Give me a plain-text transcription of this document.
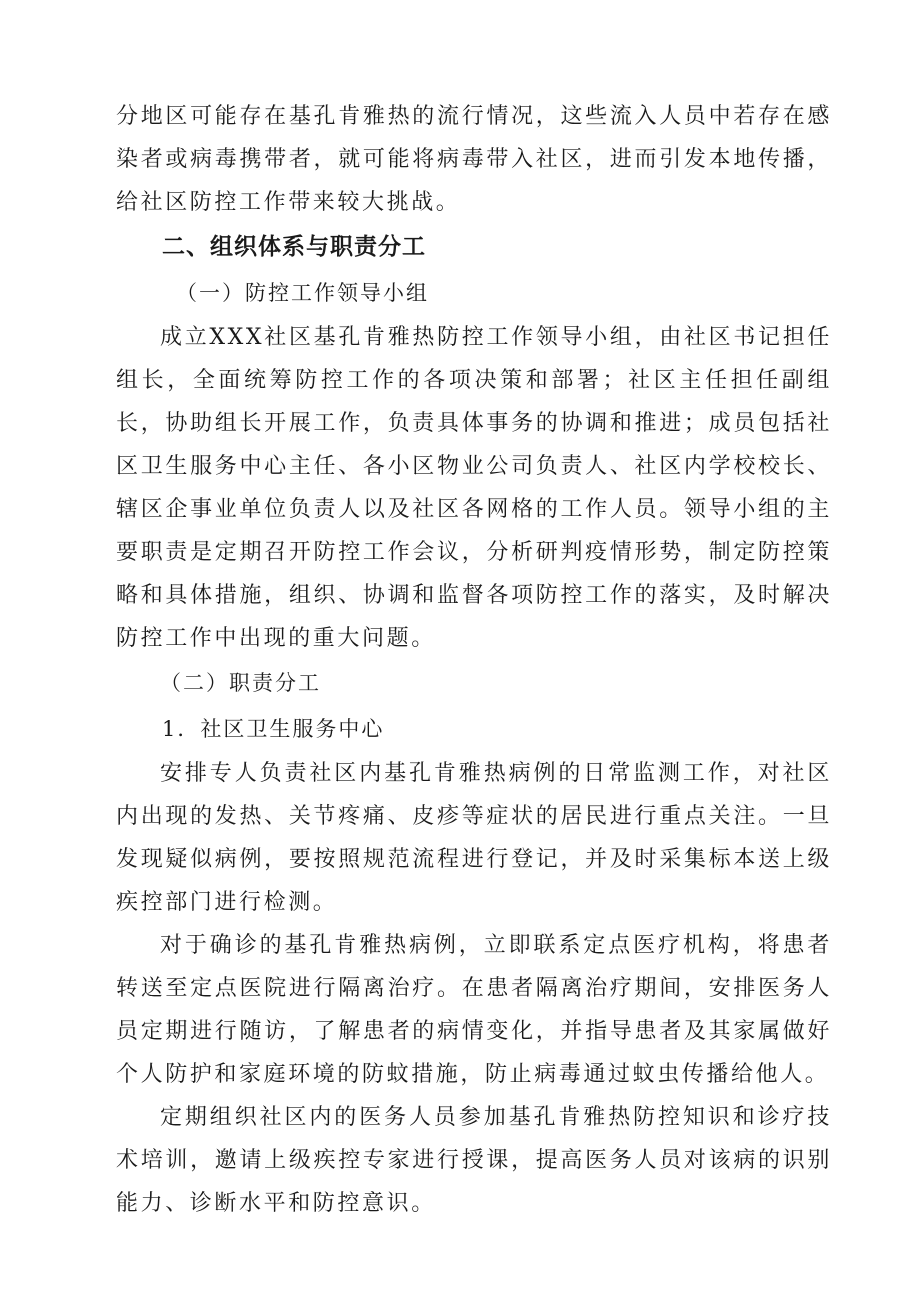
分地区可能存在基孔肯雅热的流行情况，这些流入人员中若存在感染者或病毒携带者，就可能将病毒带入社区，进而引发本地传播，给社区防控工作带来较大挑战。

二、组织体系与职责分工

（一）防控工作领导小组

成立XXX社区基孔肯雅热防控工作领导小组，由社区书记担任组长，全面统筹防控工作的各项决策和部署；社区主任担任副组长，协助组长开展工作，负责具体事务的协调和推进；成员包括社区卫生服务中心主任、各小区物业公司负责人、社区内学校校长、辖区企事业单位负责人以及社区各网格的工作人员。领导小组的主要职责是定期召开防控工作会议，分析研判疫情形势，制定防控策略和具体措施，组织、协调和监督各项防控工作的落实，及时解决防控工作中出现的重大问题。

（二）职责分工

1．社区卫生服务中心

安排专人负责社区内基孔肯雅热病例的日常监测工作，对社区内出现的发热、关节疼痛、皮疹等症状的居民进行重点关注。一旦发现疑似病例，要按照规范流程进行登记，并及时采集标本送上级疾控部门进行检测。

对于确诊的基孔肯雅热病例，立即联系定点医疗机构，将患者转送至定点医院进行隔离治疗。在患者隔离治疗期间，安排医务人员定期进行随访，了解患者的病情变化，并指导患者及其家属做好个人防护和家庭环境的防蚊措施，防止病毒通过蚊虫传播给他人。

定期组织社区内的医务人员参加基孔肯雅热防控知识和诊疗技术培训，邀请上级疾控专家进行授课，提高医务人员对该病的识别能力、诊断水平和防控意识。
